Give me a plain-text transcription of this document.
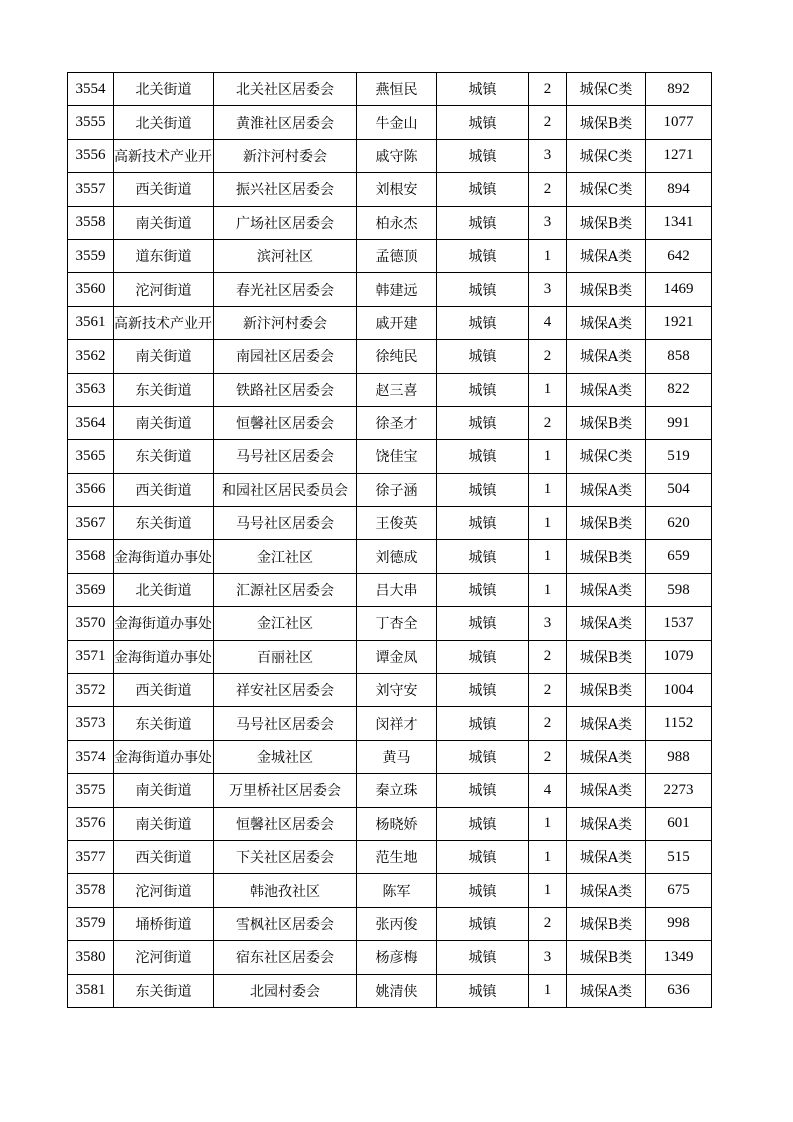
3554	北关街道	北关社区居委会	燕恒民	城镇	2	城保C类	892
3555	北关街道	黄淮社区居委会	牛金山	城镇	2	城保B类	1077
3556	高新技术产业开	新汴河村委会	戚守陈	城镇	3	城保C类	1271
3557	西关街道	振兴社区居委会	刘根安	城镇	2	城保C类	894
3558	南关街道	广场社区居委会	柏永杰	城镇	3	城保B类	1341
3559	道东街道	滨河社区	孟德顶	城镇	1	城保A类	642
3560	沱河街道	春光社区居委会	韩建远	城镇	3	城保B类	1469
3561	高新技术产业开	新汴河村委会	戚开建	城镇	4	城保A类	1921
3562	南关街道	南园社区居委会	徐纯民	城镇	2	城保A类	858
3563	东关街道	铁路社区居委会	赵三喜	城镇	1	城保A类	822
3564	南关街道	恒馨社区居委会	徐圣才	城镇	2	城保B类	991
3565	东关街道	马号社区居委会	饶佳宝	城镇	1	城保C类	519
3566	西关街道	和园社区居民委员会	徐子涵	城镇	1	城保A类	504
3567	东关街道	马号社区居委会	王俊英	城镇	1	城保B类	620
3568	金海街道办事处	金江社区	刘德成	城镇	1	城保B类	659
3569	北关街道	汇源社区居委会	吕大串	城镇	1	城保A类	598
3570	金海街道办事处	金江社区	丁杏全	城镇	3	城保A类	1537
3571	金海街道办事处	百丽社区	谭金凤	城镇	2	城保B类	1079
3572	西关街道	祥安社区居委会	刘守安	城镇	2	城保B类	1004
3573	东关街道	马号社区居委会	闵祥才	城镇	2	城保A类	1152
3574	金海街道办事处	金城社区	黄马	城镇	2	城保A类	988
3575	南关街道	万里桥社区居委会	秦立珠	城镇	4	城保A类	2273
3576	南关街道	恒馨社区居委会	杨晓娇	城镇	1	城保A类	601
3577	西关街道	下关社区居委会	范生地	城镇	1	城保A类	515
3578	沱河街道	韩池孜社区	陈军	城镇	1	城保A类	675
3579	埇桥街道	雪枫社区居委会	张丙俊	城镇	2	城保B类	998
3580	沱河街道	宿东社区居委会	杨彦梅	城镇	3	城保B类	1349
3581	东关街道	北园村委会	姚清侠	城镇	1	城保A类	636
